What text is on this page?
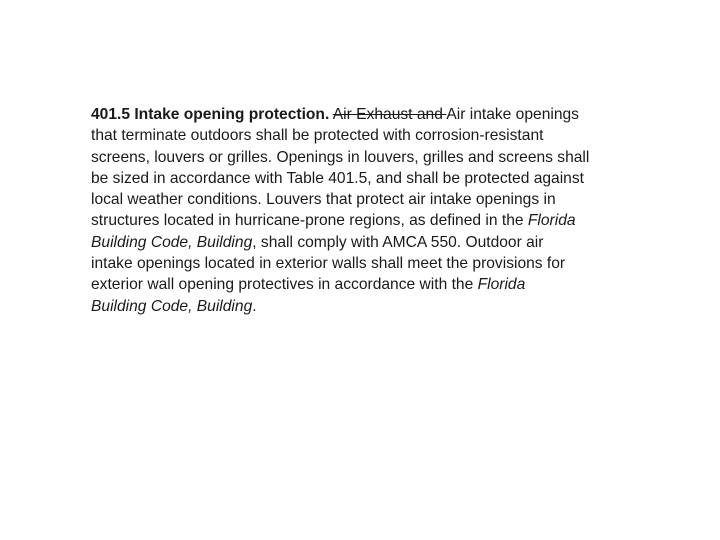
401.5 Intake opening protection. Air Exhaust and Air intake openings
that terminate outdoors shall be protected with corrosion-resistant
screens, louvers or grilles. Openings in louvers, grilles and screens shall
be sized in accordance with Table 401.5, and shall be protected against
local weather conditions. Louvers that protect air intake openings in
structures located in hurricane-prone regions, as defined in the Florida
Building Code, Building, shall comply with AMCA 550. Outdoor air
intake openings located in exterior walls shall meet the provisions for
exterior wall opening protectives in accordance with the Florida
Building Code, Building.
